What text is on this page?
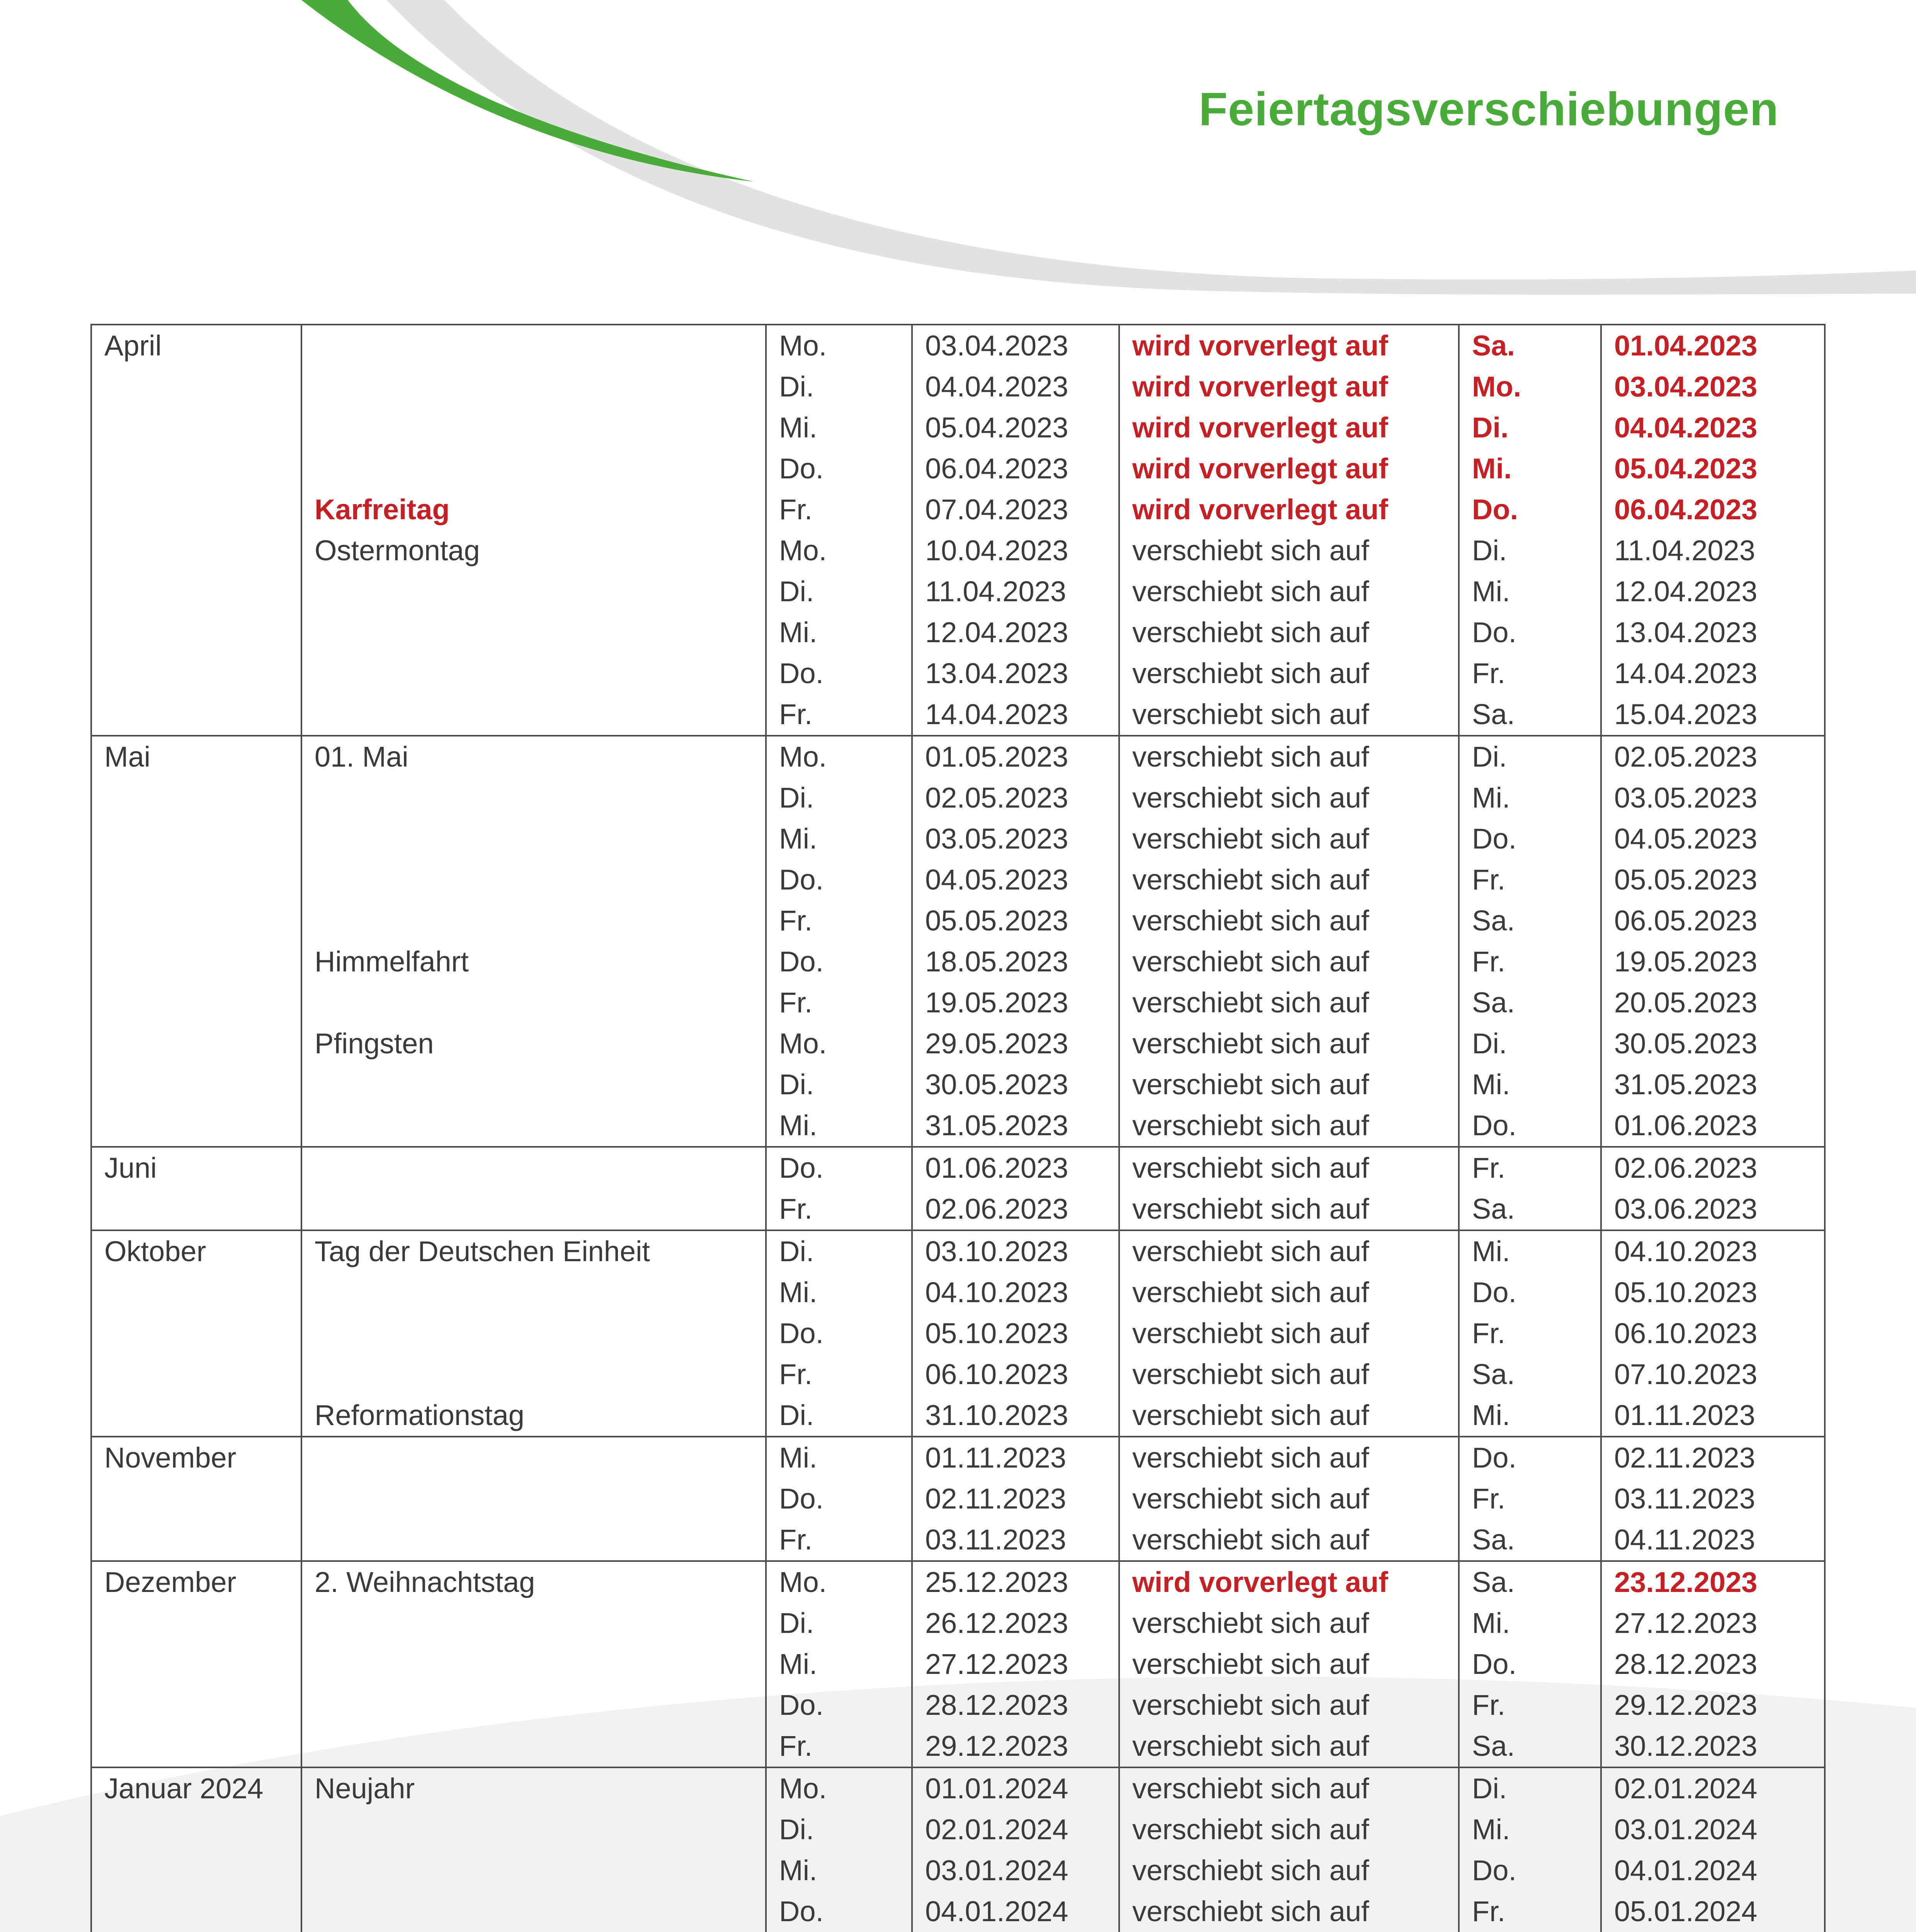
Feiertagsverschiebungen
April		Mo.	03.04.2023	wird vorverlegt auf	Sa.	01.04.2023
		Di.	04.04.2023	wird vorverlegt auf	Mo.	03.04.2023
		Mi.	05.04.2023	wird vorverlegt auf	Di.	04.04.2023
		Do.	06.04.2023	wird vorverlegt auf	Mi.	05.04.2023
	Karfreitag	Fr.	07.04.2023	wird vorverlegt auf	Do.	06.04.2023
	Ostermontag	Mo.	10.04.2023	verschiebt sich auf	Di.	11.04.2023
		Di.	11.04.2023	verschiebt sich auf	Mi.	12.04.2023
		Mi.	12.04.2023	verschiebt sich auf	Do.	13.04.2023
		Do.	13.04.2023	verschiebt sich auf	Fr.	14.04.2023
		Fr.	14.04.2023	verschiebt sich auf	Sa.	15.04.2023
Mai	01. Mai	Mo.	01.05.2023	verschiebt sich auf	Di.	02.05.2023
		Di.	02.05.2023	verschiebt sich auf	Mi.	03.05.2023
		Mi.	03.05.2023	verschiebt sich auf	Do.	04.05.2023
		Do.	04.05.2023	verschiebt sich auf	Fr.	05.05.2023
		Fr.	05.05.2023	verschiebt sich auf	Sa.	06.05.2023
	Himmelfahrt	Do.	18.05.2023	verschiebt sich auf	Fr.	19.05.2023
		Fr.	19.05.2023	verschiebt sich auf	Sa.	20.05.2023
	Pfingsten	Mo.	29.05.2023	verschiebt sich auf	Di.	30.05.2023
		Di.	30.05.2023	verschiebt sich auf	Mi.	31.05.2023
		Mi.	31.05.2023	verschiebt sich auf	Do.	01.06.2023
Juni		Do.	01.06.2023	verschiebt sich auf	Fr.	02.06.2023
		Fr.	02.06.2023	verschiebt sich auf	Sa.	03.06.2023
Oktober	Tag der Deutschen Einheit	Di.	03.10.2023	verschiebt sich auf	Mi.	04.10.2023
		Mi.	04.10.2023	verschiebt sich auf	Do.	05.10.2023
		Do.	05.10.2023	verschiebt sich auf	Fr.	06.10.2023
		Fr.	06.10.2023	verschiebt sich auf	Sa.	07.10.2023
	Reformationstag	Di.	31.10.2023	verschiebt sich auf	Mi.	01.11.2023
November		Mi.	01.11.2023	verschiebt sich auf	Do.	02.11.2023
		Do.	02.11.2023	verschiebt sich auf	Fr.	03.11.2023
		Fr.	03.11.2023	verschiebt sich auf	Sa.	04.11.2023
Dezember	2. Weihnachtstag	Mo.	25.12.2023	wird vorverlegt auf	Sa.	23.12.2023
		Di.	26.12.2023	verschiebt sich auf	Mi.	27.12.2023
		Mi.	27.12.2023	verschiebt sich auf	Do.	28.12.2023
		Do.	28.12.2023	verschiebt sich auf	Fr.	29.12.2023
		Fr.	29.12.2023	verschiebt sich auf	Sa.	30.12.2023
Januar 2024	Neujahr	Mo.	01.01.2024	verschiebt sich auf	Di.	02.01.2024
		Di.	02.01.2024	verschiebt sich auf	Mi.	03.01.2024
		Mi.	03.01.2024	verschiebt sich auf	Do.	04.01.2024
		Do.	04.01.2024	verschiebt sich auf	Fr.	05.01.2024
